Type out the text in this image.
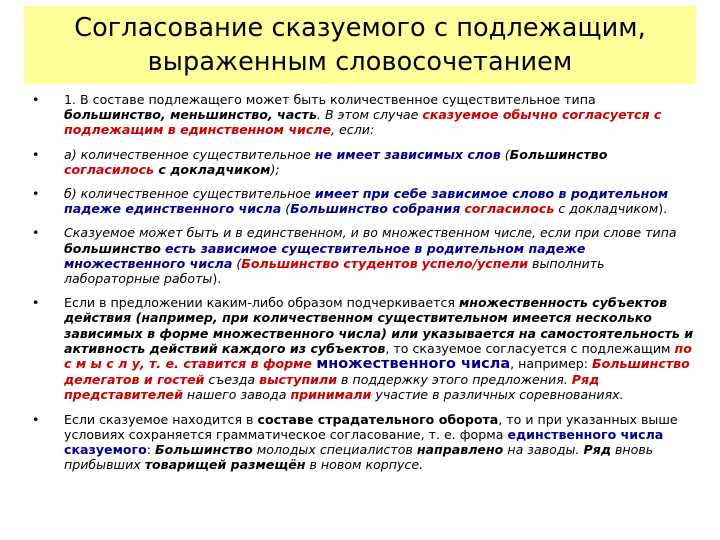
Согласование сказуемого с подлежащим,
выраженным словосочетанием
• 1. В составе подлежащего может быть количественное существительное типа большинство, меньшинство, часть. В этом случае сказуемое обычно согласуется с подлежащим в единственном числе, если:
• а) количественное существительное не имеет зависимых слов (Большинство согласилось с докладчиком);
• б) количественное существительное имеет при себе зависимое слово в родительном падеже единственного числа (Большинство собрания согласилось с докладчиком).
• Сказуемое может быть и в единственном, и во множественном числе, если при слове типа большинство есть зависимое существительное в родительном падеже множественного числа (Большинство студентов успело/успели выполнить лабораторные работы).
• Если в предложении каким-либо образом подчеркивается множественность субъектов действия (например, при количественном существительном имеется несколько зависимых в форме множественного числа) или указывается на самостоятельность и активность действий каждого из субъектов, то сказуемое согласуется с подлежащим по с м ы с л у, т. е. ставится в форме множественного числа, например: Большинство делегатов и гостей съезда выступили в поддержку этого предложения. Ряд представителей нашего завода принимали участие в различных соревнованиях.
• Если сказуемое находится в составе страдательного оборота, то и при указанных выше условиях сохраняется грамматическое согласование, т. е. форма единственного числа сказуемого: Большинство молодых специалистов направлено на заводы. Ряд вновь прибывших товарищей размещён в новом корпусе.
